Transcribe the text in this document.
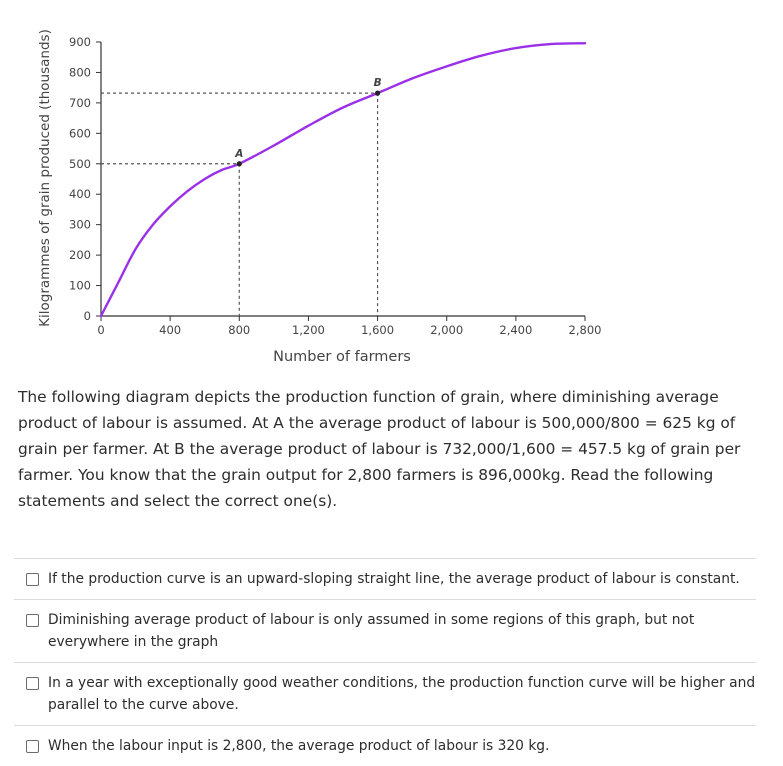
0	400	800	1,200	1,600	2,000	2,400	2,800
0
100
200
300
400
500
600
700
800
900
A
B
Number of farmers
Kilogrammes of grain produced (thousands)
The following diagram depicts the production function of grain, where diminishing average product of labour is assumed. At A the average product of labour is 500,000/800 = 625 kg of grain per farmer. At B the average product of labour is 732,000/1,600 = 457.5 kg of grain per farmer. You know that the grain output for 2,800 farmers is 896,000kg. Read the following statements and select the correct one(s).
If the production curve is an upward-sloping straight line, the average product of labour is constant.
Diminishing average product of labour is only assumed in some regions of this graph, but not everywhere in the graph
In a year with exceptionally good weather conditions, the production function curve will be higher and parallel to the curve above.
When the labour input is 2,800, the average product of labour is 320 kg.
